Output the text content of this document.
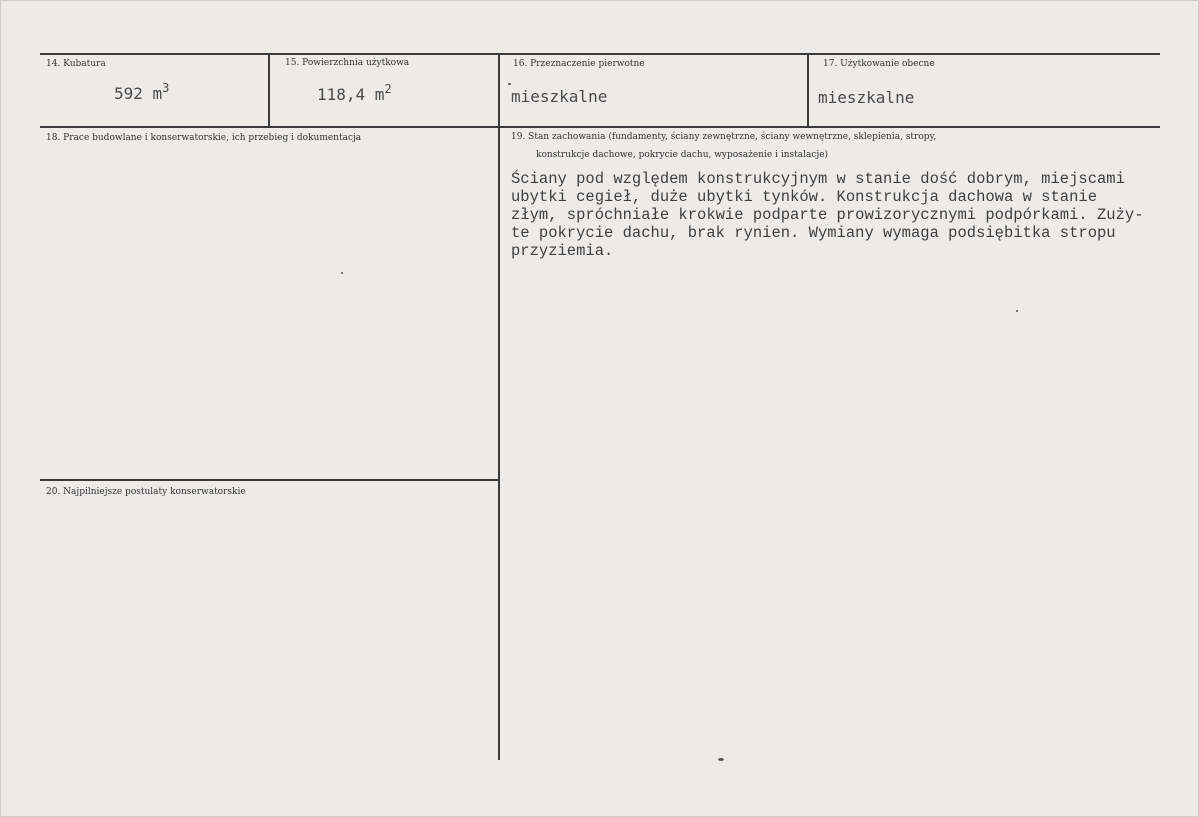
14. Kubatura
592 $m^3$
15. Powierzchnia użytkowa
118,4 $m^2$
16. Przeznaczenie pierwotne
mieszkalne
17. Użytkowanie obecne
mieszkalne
18. Prace budowlane i konserwatorskie, ich przebieg i dokumentacja	19. Stan zachowania (fundamenty, ściany zewnętrzne, ściany wewnętrzne, sklepienia, stropy,
konstrukcje dachowe, pokrycie dachu, wyposażenie i instalacje)
Ściany pod względem konstrukcyjnym w stanie dość dobrym, miejscami
ubytki cegieł, duże ubytki tynków. Konstrukcja dachowa w stanie
złym, spróchniałe krokwie podparte prowizorycznymi podpórkami. Zuży-
te pokrycie dachu, brak rynien. Wymiany wymaga podsiębitka stropu
przyziemia.
20. Najpilniejsze postulaty konserwatorskie
